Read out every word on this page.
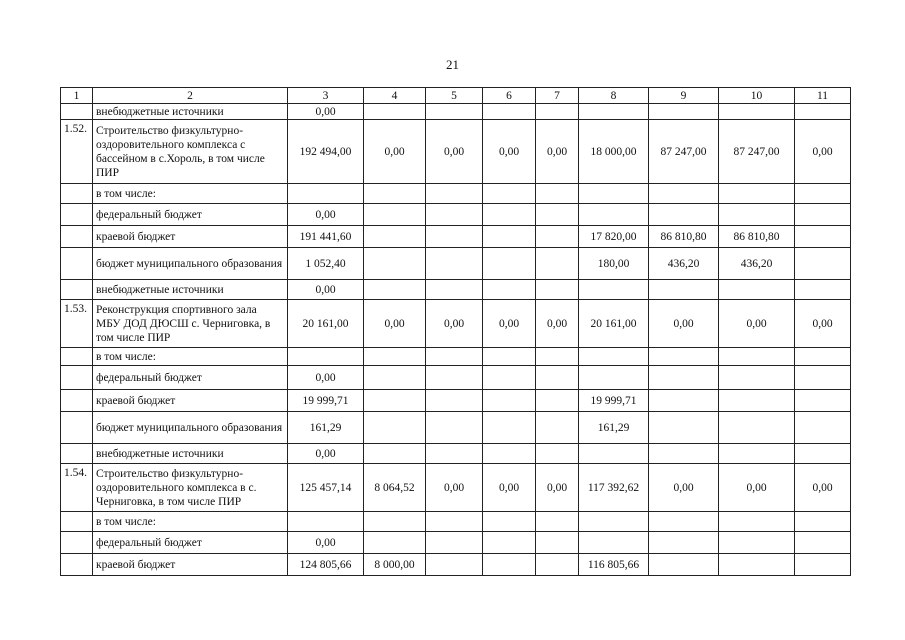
21
1	2	3	4	5	6	7	8	9	10	11
	внебюджетные источники	0,00								
1.52.	Строительство физкультурно-оздоровительного комплекса с бассейном в с.Хороль, в том числе ПИР	192 494,00	0,00	0,00	0,00	0,00	18 000,00	87 247,00	87 247,00	0,00
	в том числе:									
	федеральный бюджет	0,00								
	краевой бюджет	191 441,60					17 820,00	86 810,80	86 810,80	
	бюджет муниципального образования	1 052,40					180,00	436,20	436,20	
	внебюджетные источники	0,00								
1.53.	Реконструкция спортивного зала МБУ ДОД ДЮСШ с. Черниговка, в том числе ПИР	20 161,00	0,00	0,00	0,00	0,00	20 161,00	0,00	0,00	0,00
	в том числе:									
	федеральный бюджет	0,00								
	краевой бюджет	19 999,71					19 999,71			
	бюджет муниципального образования	161,29					161,29			
	внебюджетные источники	0,00								
1.54.	Строительство физкультурно-оздоровительного комплекса в с. Черниговка, в том числе ПИР	125 457,14	8 064,52	0,00	0,00	0,00	117 392,62	0,00	0,00	0,00
	в том числе:									
	федеральный бюджет	0,00								
	краевой бюджет	124 805,66	8 000,00				116 805,66			
